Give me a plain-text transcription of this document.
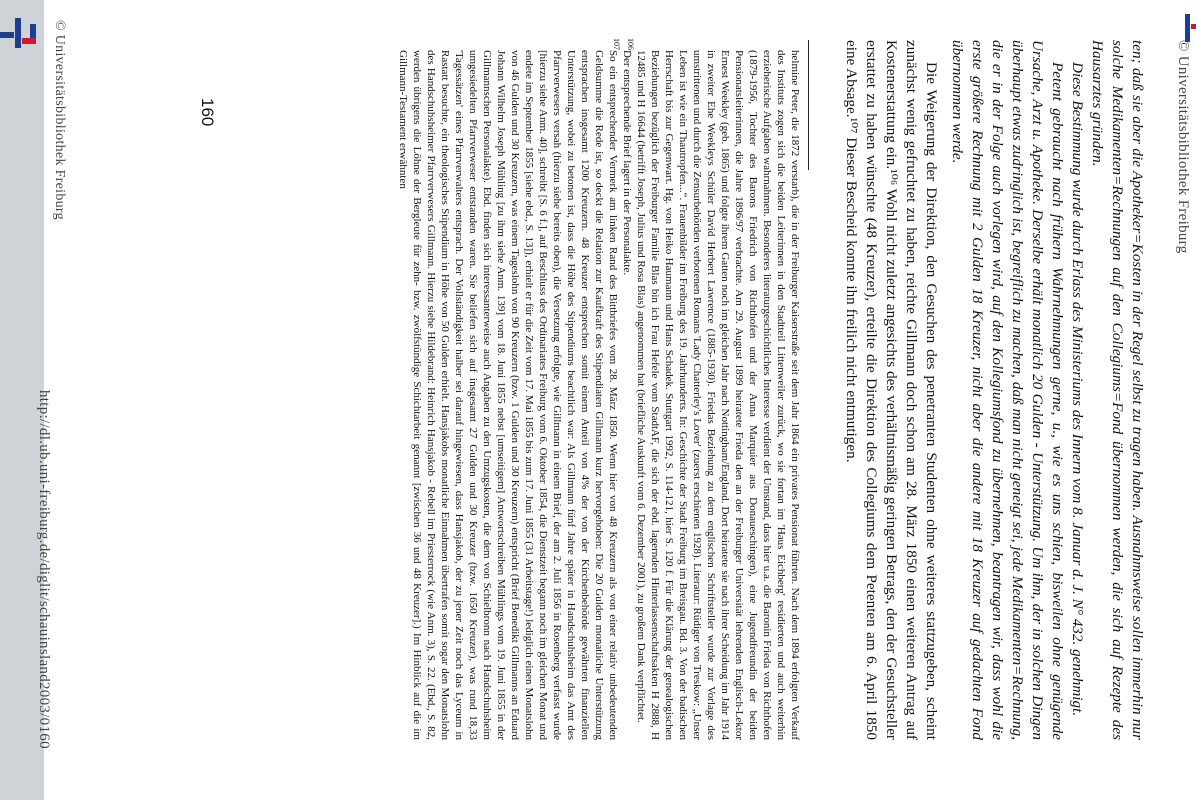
© Universitätsbibliothek Freiburg

ten; daß sie aber die Apotheker=Kosten in der Regel selbst zu tragen haben. Ausnahmsweise sollen immerhin nur solche Medikamenten=Rechnungen auf den Collegiums=Fond übernommen werden, die sich auf Rezepte des Hausarztes gründen.

Diese Bestimmung wurde durch Erlass des Ministeriums des Innern vom 8. Januar d. J. N° 432. genehmigt.

Petent gebraucht nach frühern Wahrnehmungen gerne, u., wie es uns schien, bisweilen ohne genügende Ursache, Arzt u. Apotheke. Derselbe erhält monatlich 20 Gulden - Unterstützung. Um ihm, der in solchen Dingen überhaupt etwas zudringlich ist, begreiflich zu machen, daß man nicht geneigt sei, jede Medikamenten=Rechnung, die er in der Folge auch vorlegen wird, auf den Kollegiumsfond zu übernehmen, beantragen wir, dass wohl die erste größere Rechnung mit 2 Gulden 18 Kreuzer, nicht aber die andere mit 18 Kreuzer auf gedachten Fond übernommen werde.

Die Weigerung der Direktion, den Gesuchen des penetranten Studenten ohne weiteres stattzugeben, scheint zunächst wenig gefruchtet zu haben, reichte Gillmann doch schon am 28. März 1850 einen weiteren Antrag auf Kostenerstattung ein.¹⁰⁶ Wohl nicht zuletzt angesichts des verhältnismäßig geringen Betrags, den der Gesuchsteller erstattet zu haben wünschte (48 Kreuzer), erteilte die Direktion des Collegiums dem Petenten am 6. April 1850 eine Absage.¹⁰⁷ Dieser Bescheid konnte ihn freilich nicht entmutigen.

helmine Peter, die 1872 verstarb), die in der Freiburger Kaiserstraße seit dem Jahr 1864 ein privates Pensionat führten. Nach dem 1894 erfolgten Verkauf des Instituts zogen sich die beiden Leiterinnen in den Stadtteil Littenweiler zurück, wo sie fortan im 'Haus Eichberg' residierten und auch weiterhin erzieherische Aufgaben wahrnahmen. Besonderes literaturgeschichtliches Interesse verdient der Umstand, dass hier u.a. die Baronin Frieda von Richthofen (1879-1956, Tochter des Barons Friedrich von Richthofen und der Anna Marquier aus Donaueschingen), eine Jugendfreundin der beiden Pensionatsleiterinnen, die Jahre 1896/97 verbrachte. Am 29. August 1899 heiratete Frieda den an der Freiburger Universität lehrenden Englisch-Lektor Ernest Weekley (geb. 1865) und folgte ihrem Gatten noch im gleichen Jahr nach Nottingham/England. Dort heiratete sie nach ihrer Scheidung im Jahr 1914 in zweiter Ehe Weekleys Schüler David Herbert Lawrence (1885-1930). Friedas Beziehung zu dem englischen Schriftsteller wurde zur Vorlage des umstrittenen und durch die Zensurbehörden verbotenen Romans 'Lady Chatterley's Lover' (zuerst erschienen 1928). Literatur: Rüdiger von Treskow: „Unser Leben ist wie ein Thautropfen...“. Frauenbilder im Freiburg des 19. Jahrhunderts. In: Geschichte der Stadt Freiburg im Breisgau. Bd. 3. Von der badischen Herrschaft bis zur Gegenwart. Hg. von Heiko Haumann und Hans Schadek. Stuttgart 1992, S. 114-121, hier S. 120 f. Für die Klärung der genealogischen Beziehungen bezüglich der Freiburger Familie Blas bin ich Frau Hefele vom StadtAF, die sich der ebd. lagernden Hinterlassenschaftsakten H 2888, H 12485 und H 16644 (betrifft Joseph, Julius und Rosa Blas) angenommen hat (briefliche Auskunft vom 6. Dezember 2001), zu großem Dank verpflichtet.

106
Der entsprechende Brief lagert in der Personalakte.

107
So ein entsprechender Vermerk am linken Rand des Bittbriefes vom 28. März 1850. Wenn hier von 48 Kreuzern als von einer relativ unbedeutenden Geldsumme die Rede ist, so deckt die Relation zur Kaufkraft des Stipendiaten Gillmann kurz hervorgehoben: Die 20 Gulden monatliche Unterstützung entsprachen insgesamt 1200 Kreuzern. 48 Kreuzer entsprechen somit einem Anteil von 4% der von der Kirchenbehörde gewährten finanziellen Unterstützung, wobei zu betonen ist, dass die Höhe des Stipendiums beachtlich war: Als Gillmann fünf Jahre später in Handschuhsheim das Amt des Pfarrverwesers versah (hierzu siehe bereits oben), die Versetzung erfolgte, wie Gillmann in einem Brief, der am 2. Juli 1856 in Rosenberg verfasst wurde [hierzu siehe Anm. 40], schreibt [S. 6 f.], auf Beschluss des Ordinariates Freiburg vom 6. Oktober 1854, die Dienstzeit begann noch im gleichen Monat und endete im September 1855 [siehe ebd., S. 13]), erhielt er für die Zeit vom 17. Mai 1855 bis zum 17. Juni 1855 (31 Arbeitstage!) lediglich einen Monatslohn von 46 Gulden und 30 Kreuzern, was einem Tageslohn von 90 Kreuzern (bzw. 1 Gulden und 30 Kreuzern) entspricht (Brief Benedikt Gillmanns an Eduard Johann Wilhelm Joseph Mühling [zu ihm siehe Anm. 139] vom 18. Juni 1855 nebst [umseitigem] Antwortschreiben Mühlings vom 19. Juni 1855 in der Gillmannschen Personalakte). Ebd. finden sich interessanterweise auch Angaben zu den Umzugskosten, die dem von Schielbronn nach Handschuhsheim umgesiedelten Pfarrverweser entstanden waren. Sie beliefen sich auf insgesamt 27 Gulden und 30 Kreuzer (bzw. 1650 Kreuzer), was rund 18,33 'Tagessätzen' eines Pfarrverwalters entsprach. Der Vollständigkeit halber sei darauf hingewiesen, dass Hansjakob, der zu jener Zeit noch das Lyceum in Rastatt besuchte, ein theologisches Stipendium in Höhe von 50 Gulden erhielt. Hansjakobs monatliche Einnahmen übertrafen somit sogar den Monatslohn des Handschuhsheimer Pfarrverwesers Gillmann. Hierzu siehe Hildebrand: Heinrich Hansjakob - Rebell im Priesterrock (wie Anm. 3), S. 22. (Ebd., S. 82, werden übrigens die Löhne der Bergleute für zehn- bzw. zwölfstündige Schichtarbeit genannt [zwischen 36 und 48 Kreuzer].) Im Hinblick auf die im Gillmann-Testament erwähnten

160
© Universitätsbibliothek Freiburg
http://dl.ub.uni-freiburg.de/diglit/schauinsland2003/0160
